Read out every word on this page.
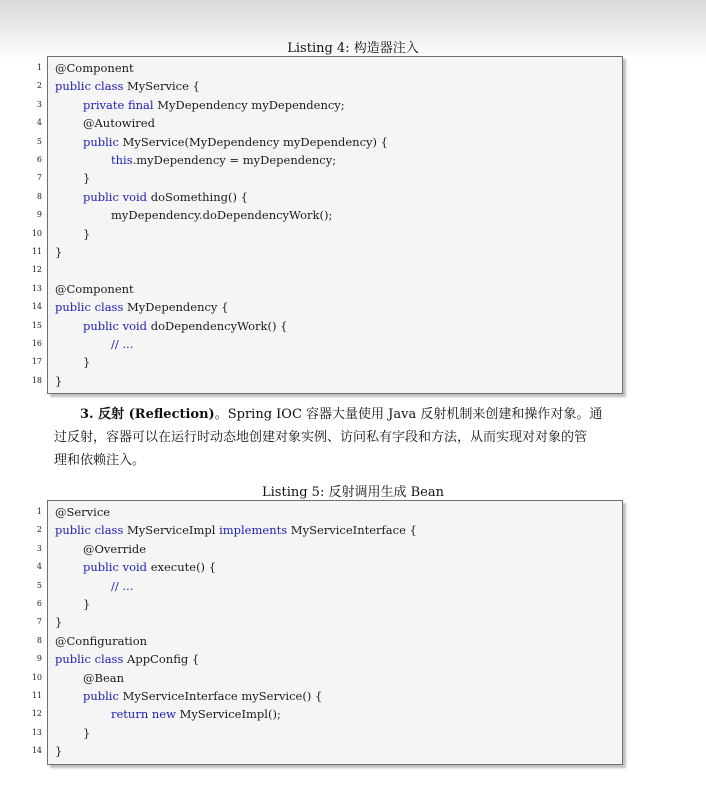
Listing 4: 构造器注入
1 @Component
2 public class MyService {
3	private final MyDependency myDependency;
4	@Autowired
5	public MyService(MyDependency myDependency) {
6	this.myDependency = myDependency;
7	}
8	public void doSomething() {
9	myDependency.doDependencyWork();
10	}
11 }
12
13 @Component
14 public class MyDependency {
15	public void doDependencyWork() {
16	// ...
17	}
18 }
3. 反射 (Reflection)。Spring IOC 容器大量使用 Java 反射机制来创建和操作对象。通
过反射，容器可以在运行时动态地创建对象实例、访问私有字段和方法，从而实现对对象的管
理和依赖注入。
Listing 5: 反射调用生成 Bean
1 @Service
2 public class MyServiceImpl implements MyServiceInterface {
3	@Override
4	public void execute() {
5	// ...
6	}
7 }
8 @Configuration
9 public class AppConfig {
10	@Bean
11	public MyServiceInterface myService() {
12	return new MyServiceImpl();
13	}
14 }
